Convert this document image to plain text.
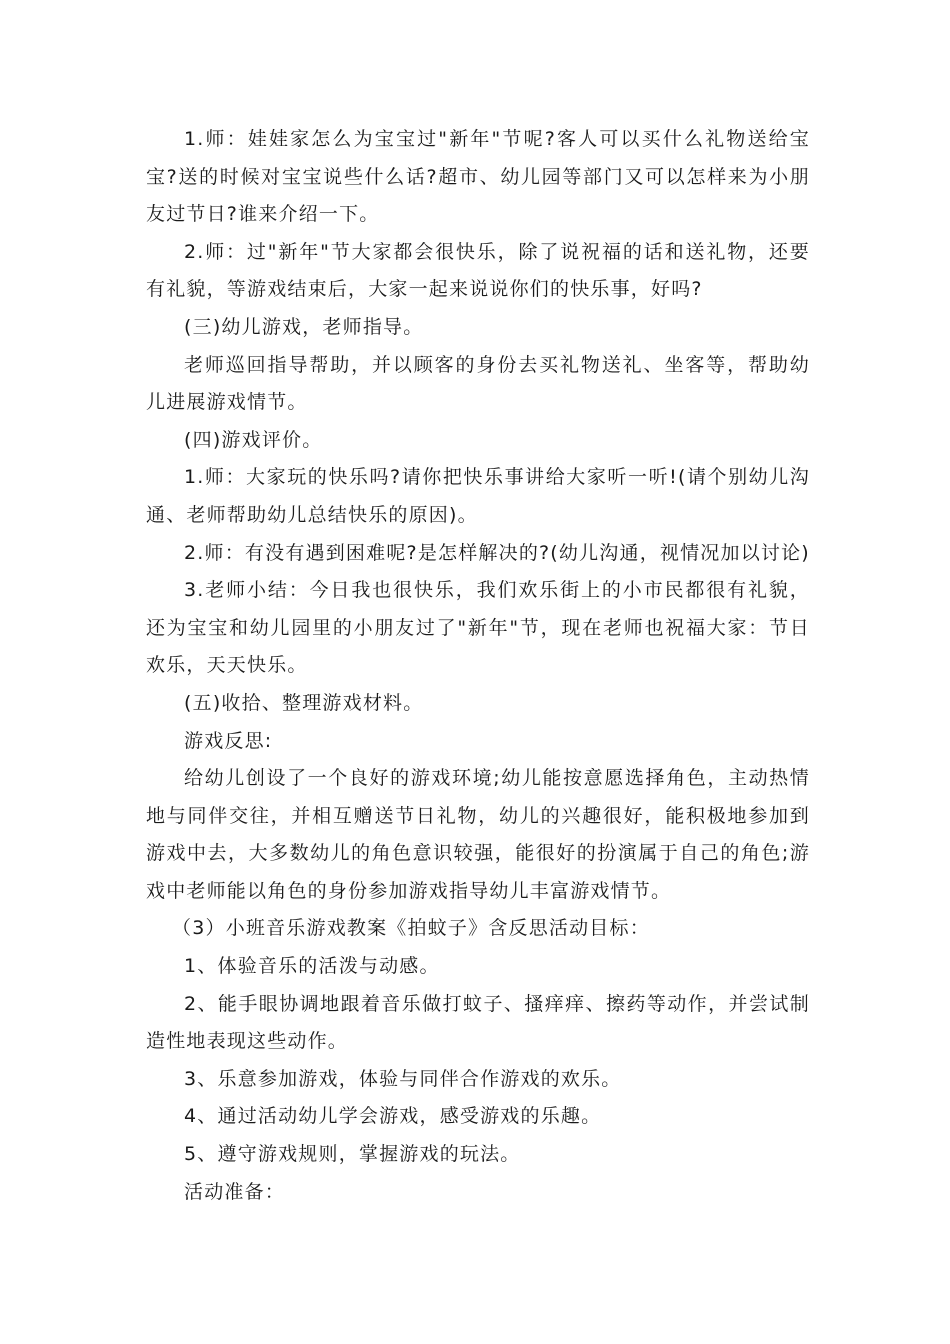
1.师：娃娃家怎么为宝宝过"新年"节呢?客人可以买什么礼物送给宝宝?送的时候对宝宝说些什么话?超市、幼儿园等部门又可以怎样来为小朋友过节日?谁来介绍一下。

2.师：过"新年"节大家都会很快乐，除了说祝福的话和送礼物，还要有礼貌，等游戏结束后，大家一起来说说你们的快乐事，好吗?

(三)幼儿游戏，老师指导。

老师巡回指导帮助，并以顾客的身份去买礼物送礼、坐客等，帮助幼儿进展游戏情节。

(四)游戏评价。

1.师：大家玩的快乐吗?请你把快乐事讲给大家听一听!(请个别幼儿沟通、老师帮助幼儿总结快乐的原因)。

2.师：有没有遇到困难呢?是怎样解决的?(幼儿沟通，视情况加以讨论)

3.老师小结：今日我也很快乐，我们欢乐街上的小市民都很有礼貌，还为宝宝和幼儿园里的小朋友过了"新年"节，现在老师也祝福大家：节日欢乐，天天快乐。

(五)收拾、整理游戏材料。

游戏反思:

给幼儿创设了一个良好的游戏环境;幼儿能按意愿选择角色，主动热情地与同伴交往，并相互赠送节日礼物，幼儿的兴趣很好，能积极地参加到游戏中去，大多数幼儿的角色意识较强，能很好的扮演属于自己的角色;游戏中老师能以角色的身份参加游戏指导幼儿丰富游戏情节。

（3）小班音乐游戏教案《拍蚊子》含反思活动目标：

1、体验音乐的活泼与动感。

2、能手眼协调地跟着音乐做打蚊子、搔痒痒、擦药等动作，并尝试制造性地表现这些动作。

3、乐意参加游戏，体验与同伴合作游戏的欢乐。

4、通过活动幼儿学会游戏，感受游戏的乐趣。

5、遵守游戏规则，掌握游戏的玩法。

活动准备：
